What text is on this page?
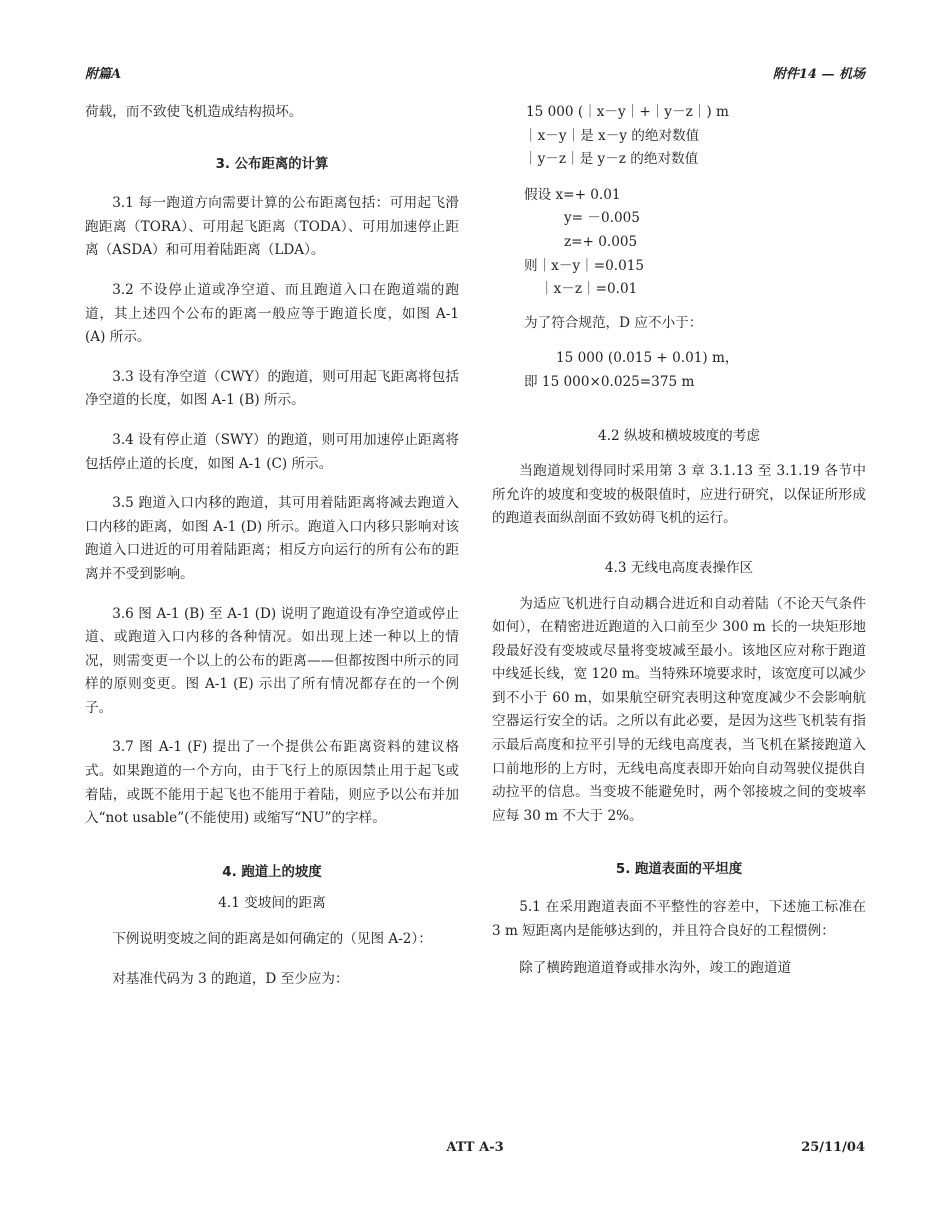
附篇A	附件14 — 机场

荷载，而不致使飞机造成结构损坏。

3. 公布距离的计算

3.1 每一跑道方向需要计算的公布距离包括：可用起飞滑跑距离（TORA）、可用起飞距离（TODA）、可用加速停止距离（ASDA）和可用着陆距离（LDA）。

3.2 不设停止道或净空道、而且跑道入口在跑道端的跑道，其上述四个公布的距离一般应等于跑道长度，如图 A-1 (A) 所示。

3.3 设有净空道（CWY）的跑道，则可用起飞距离将包括净空道的长度，如图 A-1 (B) 所示。

3.4 设有停止道（SWY）的跑道，则可用加速停止距离将包括停止道的长度，如图 A-1 (C) 所示。

3.5 跑道入口内移的跑道，其可用着陆距离将减去跑道入口内移的距离，如图 A-1 (D) 所示。跑道入口内移只影响对该跑道入口进近的可用着陆距离；相反方向运行的所有公布的距离并不受到影响。

3.6 图 A-1 (B) 至 A-1 (D) 说明了跑道设有净空道或停止道、或跑道入口内移的各种情况。如出现上述一种以上的情况，则需变更一个以上的公布的距离——但都按图中所示的同样的原则变更。图 A-1 (E) 示出了所有情况都存在的一个例子。

3.7 图 A-1 (F) 提出了一个提供公布距离资料的建议格式。如果跑道的一个方向，由于飞行上的原因禁止用于起飞或着陆，或既不能用于起飞也不能用于着陆，则应予以公布并加入“not usable”(不能使用) 或缩写“NU”的字样。

4. 跑道上的坡度

4.1 变坡间的距离

下例说明变坡之间的距离是如何确定的（见图 A-2）：

对基准代码为 3 的跑道，D 至少应为：

15 000 (｜x－y｜+｜y－z｜) m

｜x－y｜是 x－y 的绝对数值

｜y－z｜是 y－z 的绝对数值

假设 x=+ 0.01

y= －0.005

z=+ 0.005

则｜x－y｜=0.015

｜x－z｜=0.01

为了符合规范，D 应不小于：

15 000 (0.015 + 0.01) m，

即 15 000×0.025=375 m

4.2 纵坡和横坡坡度的考虑

当跑道规划得同时采用第 3 章 3.1.13 至 3.1.19 各节中所允许的坡度和变坡的极限值时，应进行研究，以保证所形成的跑道表面纵剖面不致妨碍飞机的运行。

4.3 无线电高度表操作区

为适应飞机进行自动耦合进近和自动着陆（不论天气条件如何），在精密进近跑道的入口前至少 300 m 长的一块矩形地段最好没有变坡或尽量将变坡减至最小。该地区应对称于跑道中线延长线，宽 120 m。当特殊环境要求时，该宽度可以减少到不小于 60 m，如果航空研究表明这种宽度减少不会影响航空器运行安全的话。之所以有此必要，是因为这些飞机装有指示最后高度和拉平引导的无线电高度表，当飞机在紧接跑道入口前地形的上方时，无线电高度表即开始向自动驾驶仪提供自动拉平的信息。当变坡不能避免时，两个邻接坡之间的变坡率应每 30 m 不大于 2%。

5. 跑道表面的平坦度

5.1 在采用跑道表面不平整性的容差中，下述施工标准在 3 m 短距离内是能够达到的，并且符合良好的工程惯例：

除了横跨跑道道脊或排水沟外，竣工的跑道道

ATT A-3	25/11/04
